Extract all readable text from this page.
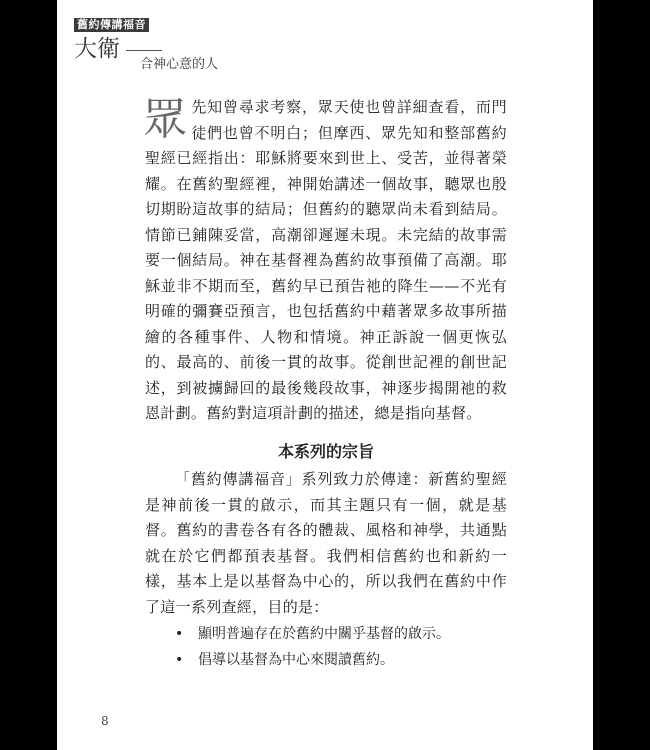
舊約傳講福音
大衛
合神心意的人
眾 先知曾尋求考察，眾天使也曾詳細查看，而門徒們也曾不明白；但摩西、眾先知和整部舊約聖經已經指出：耶穌將要來到世上、受苦，並得著榮耀。在舊約聖經裡，神開始講述一個故事，聽眾也殷切期盼這故事的結局；但舊約的聽眾尚未看到結局。情節已鋪陳妥當，高潮卻遲遲未現。未完結的故事需要一個結局。神在基督裡為舊約故事預備了高潮。耶穌並非不期而至，舊約早已預告祂的降生——不光有明確的彌賽亞預言，也包括舊約中藉著眾多故事所描繪的各種事件、人物和情境。神正訴說一個更恢弘的、最高的、前後一貫的故事。從創世記裡的創世記述，到被擄歸回的最後幾段故事，神逐步揭開祂的救恩計劃。舊約對這項計劃的描述，總是指向基督。
本系列的宗旨
「舊約傳講福音」系列致力於傳達：新舊約聖經是神前後一貫的啟示，而其主題只有一個，就是基督。舊約的書卷各有各的體裁、風格和神學，共通點就在於它們都預表基督。我們相信舊約也和新約一樣，基本上是以基督為中心的，所以我們在舊約中作了這一系列查經，目的是：
• 顯明普遍存在於舊約中關乎基督的啟示。
• 倡導以基督為中心來閱讀舊約。
8
